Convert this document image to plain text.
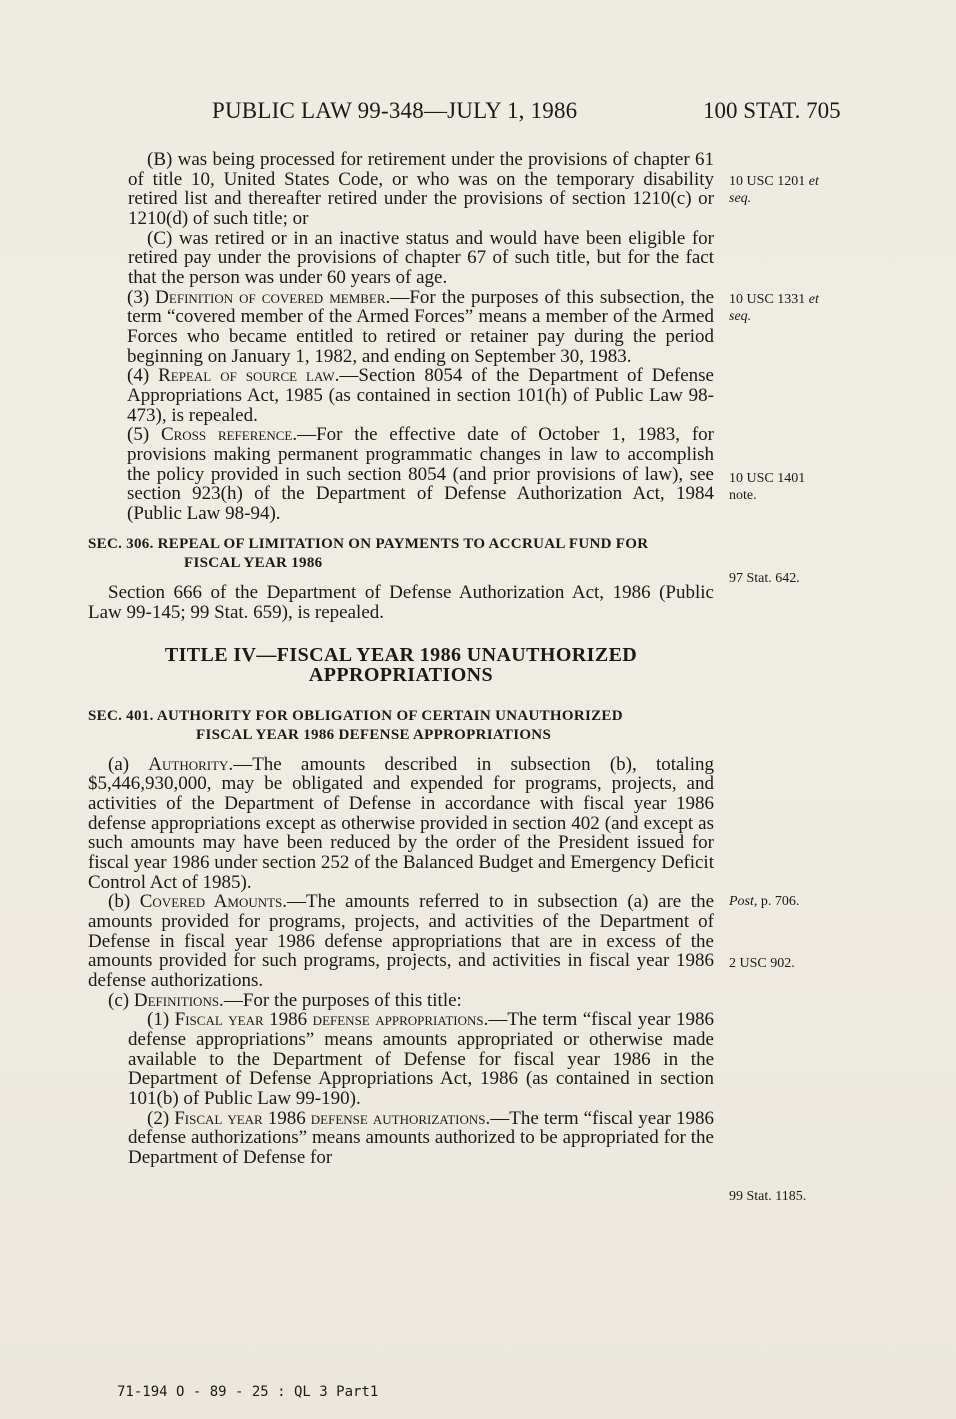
PUBLIC LAW 99-348—JULY 1, 1986	100 STAT. 705

(B) was being processed for retirement under the provisions of chapter 61 of title 10, United States Code, or who was on the temporary disability retired list and thereafter retired under the provisions of section 1210(c) or 1210(d) of such title; or

(C) was retired or in an inactive status and would have been eligible for retired pay under the provisions of chapter 67 of such title, but for the fact that the person was under 60 years of age.

(3) Definition of covered member.—For the purposes of this subsection, the term “covered member of the Armed Forces” means a member of the Armed Forces who became entitled to retired or retainer pay during the period beginning on January 1, 1982, and ending on September 30, 1983.

(4) Repeal of source law.—Section 8054 of the Department of Defense Appropriations Act, 1985 (as contained in section 101(h) of Public Law 98-473), is repealed.

(5) Cross reference.—For the effective date of October 1, 1983, for provisions making permanent programmatic changes in law to accomplish the policy provided in such section 8054 (and prior provisions of law), see section 923(h) of the Department of Defense Authorization Act, 1984 (Public Law 98-94).

SEC. 306. REPEAL OF LIMITATION ON PAYMENTS TO ACCRUAL FUND FOR
FISCAL YEAR 1986

Section 666 of the Department of Defense Authorization Act, 1986 (Public Law 99-145; 99 Stat. 659), is repealed.

TITLE IV—FISCAL YEAR 1986 UNAUTHORIZED
APPROPRIATIONS

SEC. 401. AUTHORITY FOR OBLIGATION OF CERTAIN UNAUTHORIZED
FISCAL YEAR 1986 DEFENSE APPROPRIATIONS

(a) Authority.—The amounts described in subsection (b), totaling $5,446,930,000, may be obligated and expended for programs, projects, and activities of the Department of Defense in accordance with fiscal year 1986 defense appropriations except as otherwise provided in section 402 (and except as such amounts may have been reduced by the order of the President issued for fiscal year 1986 under section 252 of the Balanced Budget and Emergency Deficit Control Act of 1985).

(b) Covered Amounts.—The amounts referred to in subsection (a) are the amounts provided for programs, projects, and activities of the Department of Defense in fiscal year 1986 defense appropriations that are in excess of the amounts provided for such programs, projects, and activities in fiscal year 1986 defense authorizations.

(c) Definitions.—For the purposes of this title:

(1) Fiscal year 1986 defense appropriations.—The term “fiscal year 1986 defense appropriations” means amounts appropriated or otherwise made available to the Department of Defense for fiscal year 1986 in the Department of Defense Appropriations Act, 1986 (as contained in section 101(b) of Public Law 99-190).

(2) Fiscal year 1986 defense authorizations.—The term “fiscal year 1986 defense authorizations” means amounts authorized to be appropriated for the Department of Defense for

10 USC 1201 et
seq.
10 USC 1331 et
seq.
10 USC 1401
note.
97 Stat. 642.
Post, p. 706.
2 USC 902.
99 Stat. 1185.
71-194 O - 89 - 25 : QL 3 Part1
